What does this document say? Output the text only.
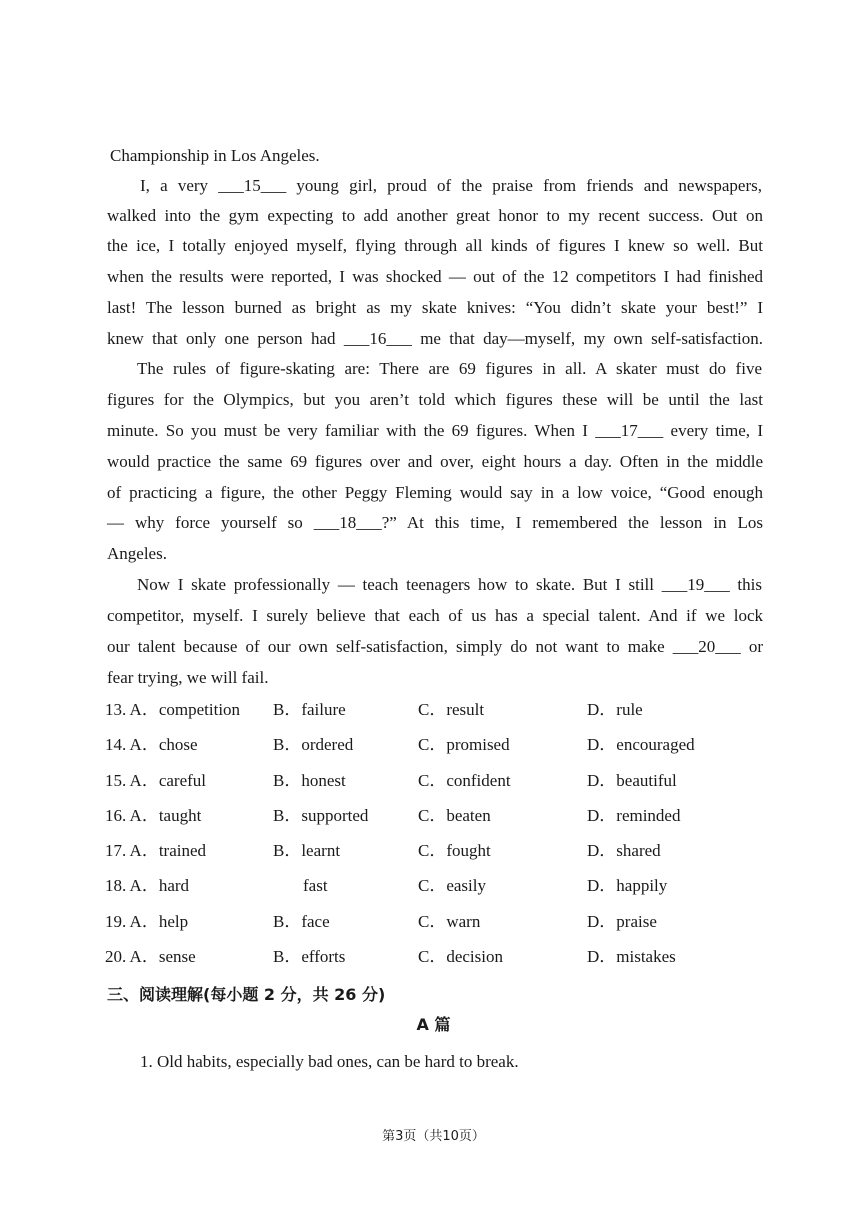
Championship in Los Angeles.
I, a very ___15___ young girl, proud of the praise from friends and newspapers,
walked into the gym expecting to add another great honor to my recent success. Out on
the ice, I totally enjoyed myself, flying through all kinds of figures I knew so well. But
when the results were reported, I was shocked — out of the 12 competitors I had finished
last! The lesson burned as bright as my skate knives: “You didn’t skate your best!” I
knew that only one person had ___16___ me that day—myself, my own self-satisfaction.
The rules of figure-skating are: There are 69 figures in all. A skater must do five
figures for the Olympics, but you aren’t told which figures these will be until the last
minute. So you must be very familiar with the 69 figures. When I ___17___ every time, I
would practice the same 69 figures over and over, eight hours a day. Often in the middle
of practicing a figure, the other Peggy Fleming would say in a low voice, “Good enough
— why force yourself so ___18___?” At this time, I remembered the lesson in Los
Angeles.
Now I skate professionally — teach teenagers how to skate. But I still ___19___ this
competitor, myself. I surely believe that each of us has a special talent. And if we lock
our talent because of our own self-satisfaction, simply do not want to make ___20___ or
fear trying, we will fail.
13. A．competition B．failure	C．result	D．rule
14. A．chose	B．ordered	C．promised	D．encouraged
15. A．careful	B．honest	C．confident	D．beautiful
16. A．taught	B．supported	C．beaten	D．reminded
17. A．trained	B．learnt	C．fought	D．shared
18. A．hard	fast	C．easily	D．happily
19. A．help	B．face	C．warn	D．praise
20. A．sense	B．efforts	C．decision	D．mistakes
三、阅读理解(每小题 2 分，共 26 分)
A 篇
1. Old habits, especially bad ones, can be hard to break.
第3页（共10页）
